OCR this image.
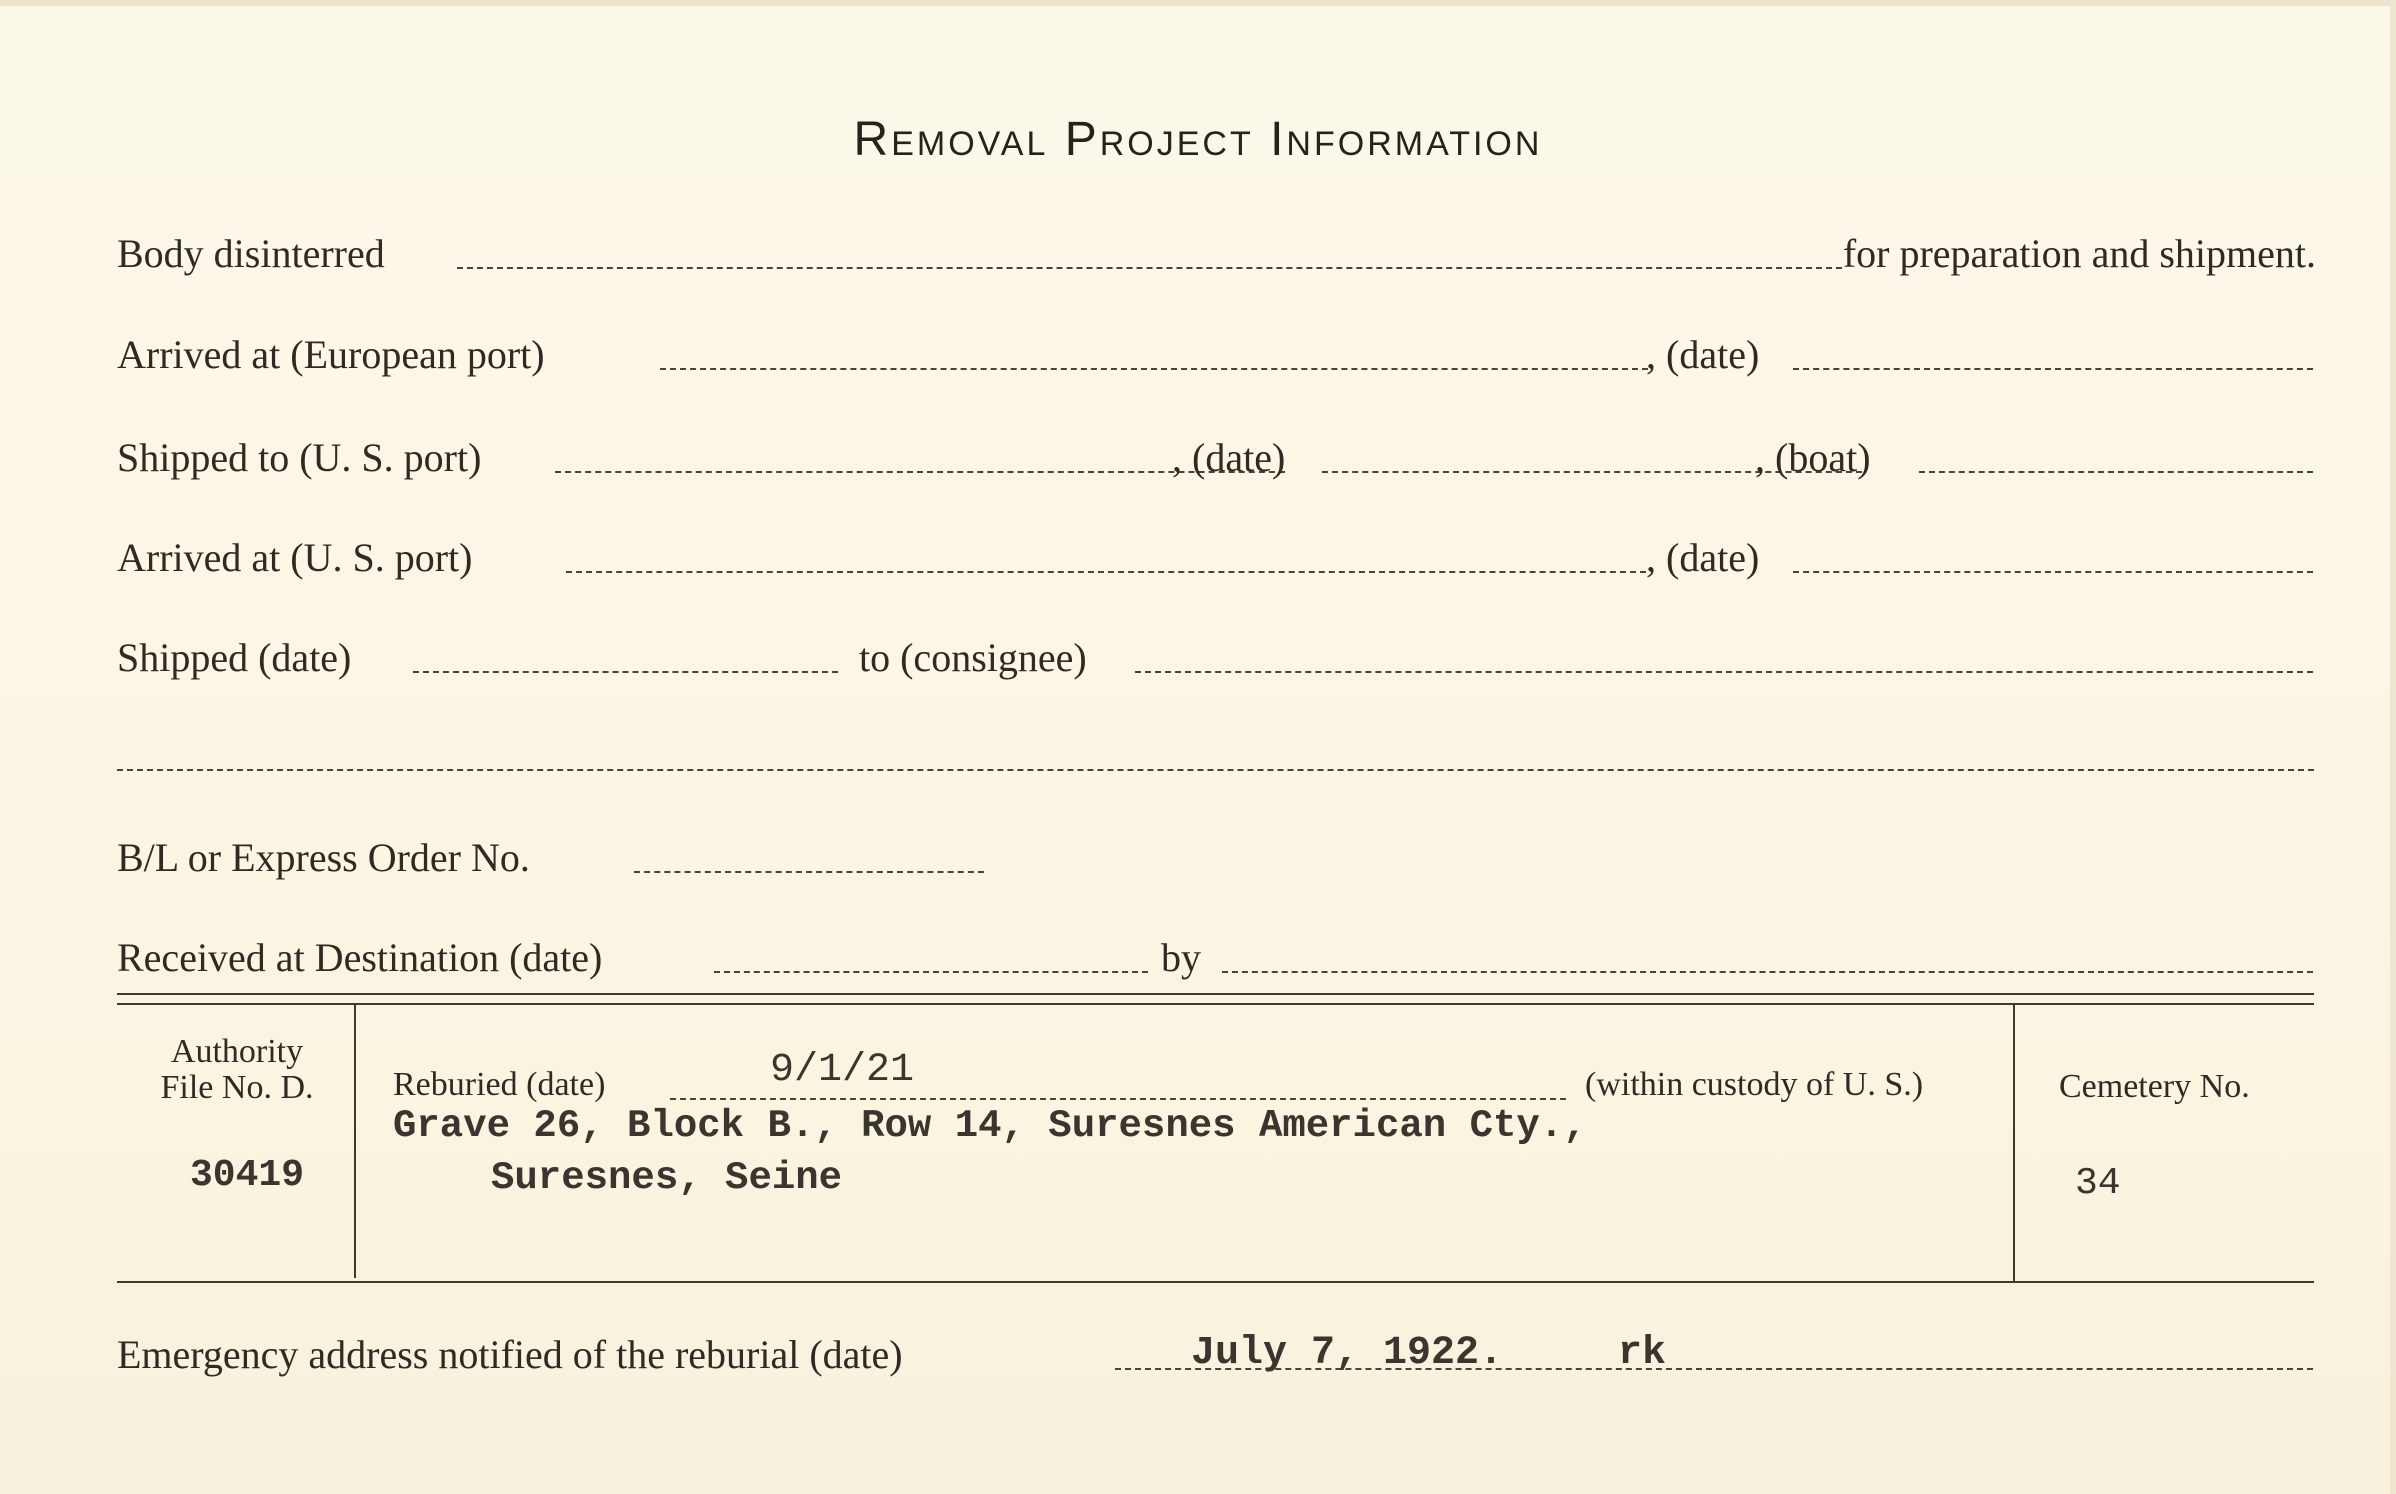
Removal Project Information
Body disinterred	for preparation and shipment.
Arrived at (European port)	, (date)
Shipped to (U. S. port)	, (date)	, (boat)
Arrived at (U. S. port)	, (date)
Shipped (date)	to (consignee)
B/L or Express Order No.
Received at Destination (date)	by
Authority
File No. D.
30419
Reburied (date)	9/1/21	(within custody of U. S.)
Grave 26, Block B., Row 14, Suresnes American Cty.,
Suresnes, Seine
Cemetery No.
34
Emergency address notified of the reburial (date)	July 7, 1922.	rk
